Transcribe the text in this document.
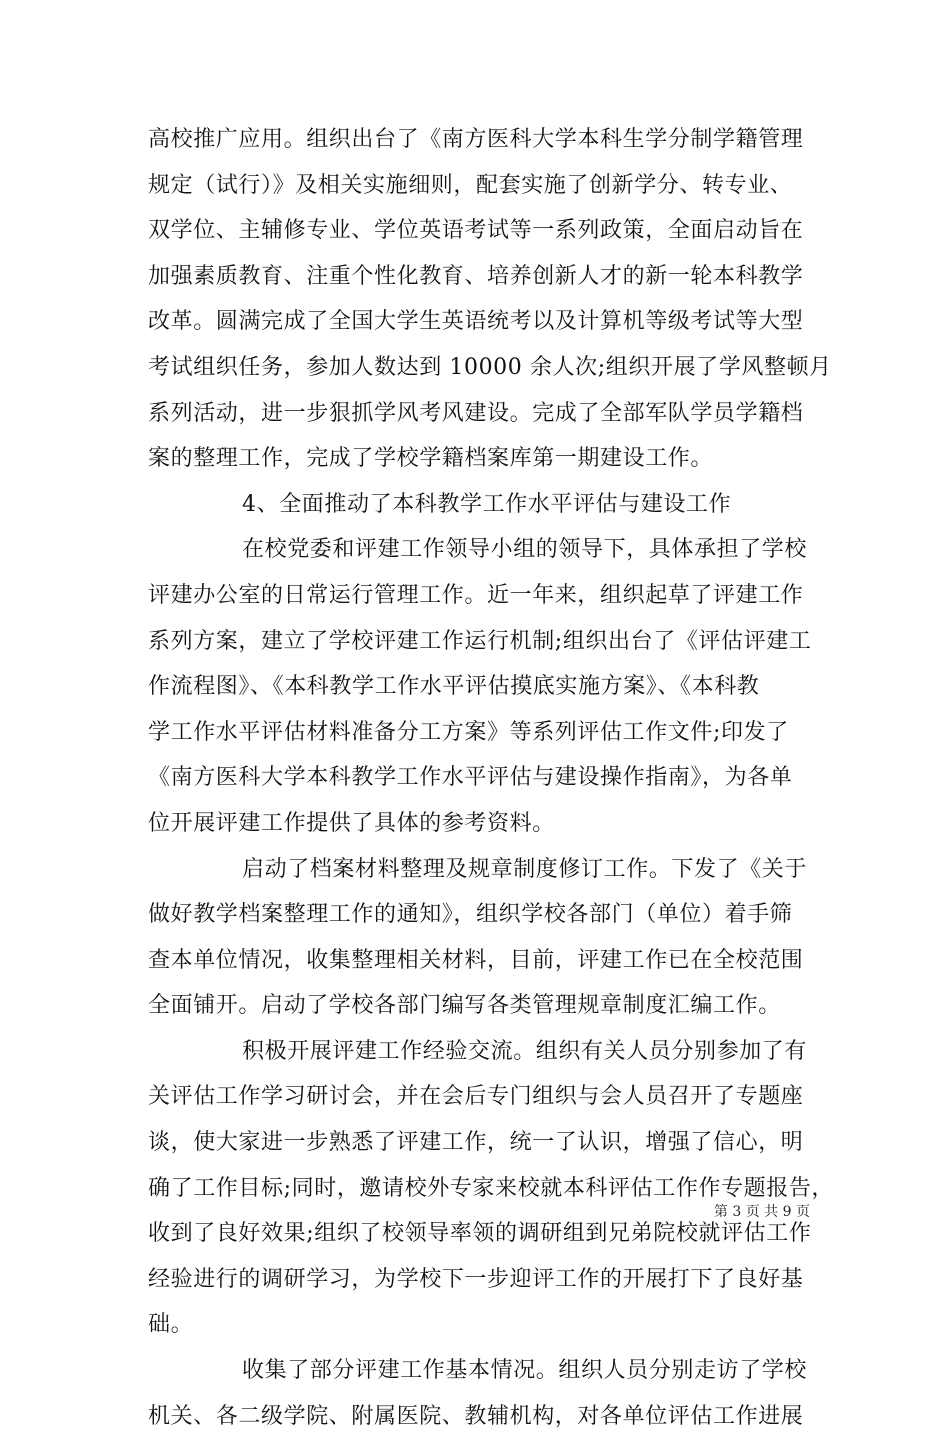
高校推广应用。组织出台了《南方医科大学本科生学分制学籍管理
规定（试行）》及相关实施细则，配套实施了创新学分、转专业、
双学位、主辅修专业、学位英语考试等一系列政策，全面启动旨在
加强素质教育、注重个性化教育、培养创新人才的新一轮本科教学
改革。圆满完成了全国大学生英语统考以及计算机等级考试等大型
考试组织任务，参加人数达到 10000 余人次;组织开展了学风整顿月
系列活动，进一步狠抓学风考风建设。完成了全部军队学员学籍档
案的整理工作，完成了学校学籍档案库第一期建设工作。
4、全面推动了本科教学工作水平评估与建设工作
在校党委和评建工作领导小组的领导下，具体承担了学校
评建办公室的日常运行管理工作。近一年来，组织起草了评建工作
系列方案，建立了学校评建工作运行机制;组织出台了《评估评建工
作流程图》、《本科教学工作水平评估摸底实施方案》、《本科教
学工作水平评估材料准备分工方案》等系列评估工作文件;印发了
《南方医科大学本科教学工作水平评估与建设操作指南》，为各单
位开展评建工作提供了具体的参考资料。
启动了档案材料整理及规章制度修订工作。下发了《关于
做好教学档案整理工作的通知》，组织学校各部门（单位）着手筛
查本单位情况，收集整理相关材料，目前，评建工作已在全校范围
全面铺开。启动了学校各部门编写各类管理规章制度汇编工作。
积极开展评建工作经验交流。组织有关人员分别参加了有
关评估工作学习研讨会，并在会后专门组织与会人员召开了专题座
谈，使大家进一步熟悉了评建工作，统一了认识，增强了信心，明
确了工作目标;同时，邀请校外专家来校就本科评估工作作专题报告，
收到了良好效果;组织了校领导率领的调研组到兄弟院校就评估工作
经验进行的调研学习，为学校下一步迎评工作的开展打下了良好基
础。
收集了部分评建工作基本情况。组织人员分别走访了学校
机关、各二级学院、附属医院、教辅机构，对各单位评估工作进展
第 3 页 共 9 页
